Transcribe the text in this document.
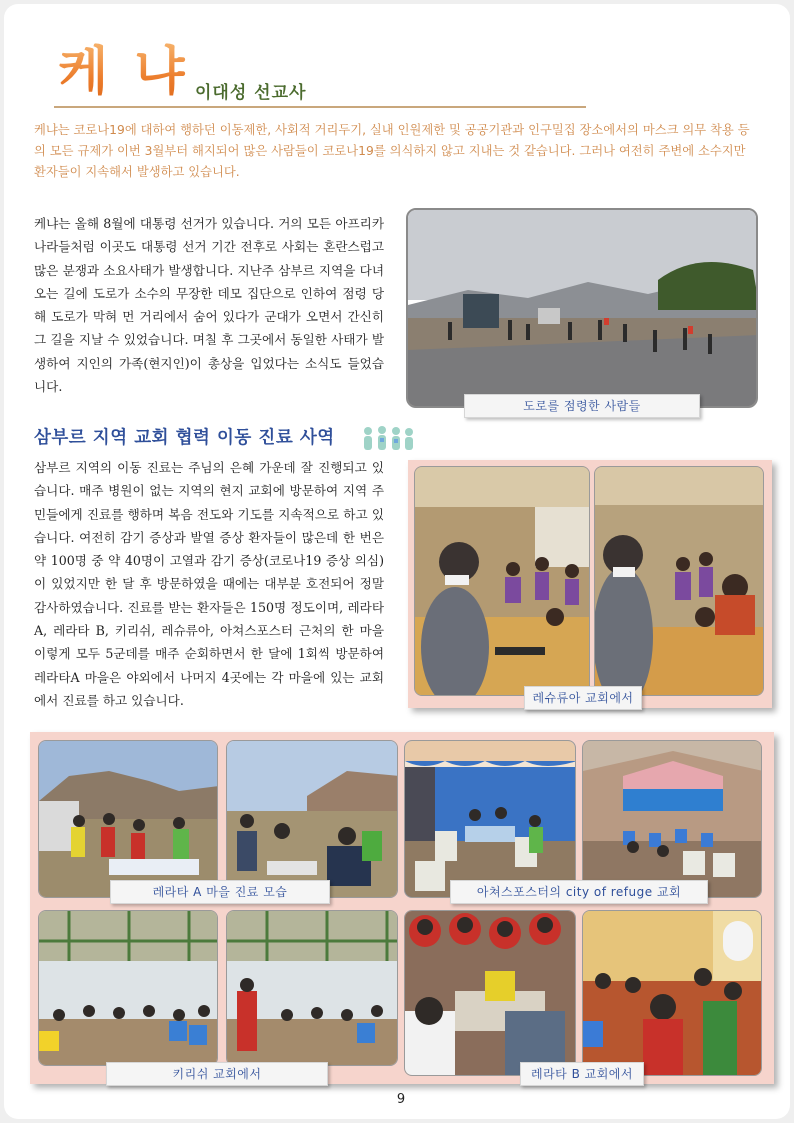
케 냐 이대성 선교사

케냐는 코로나19에 대하여 행하던 이동제한, 사회적 거리두기, 실내 인원제한 및 공공기관과 인구밀집 장소에서의 마스크 의무 착용 등의 모든 규제가 이번 3월부터 해지되어 많은 사람들이 코로나19를 의식하지 않고 지내는 것 같습니다. 그러나 여전히 주변에 소수지만 환자들이 지속해서 발생하고 있습니다.

케냐는 올해 8월에 대통령 선거가 있습니다. 거의 모든 아프리카 나라들처럼 이곳도 대통령 선거 기간 전후로 사회는 혼란스럽고 많은 분쟁과 소요사태가 발생합니다. 지난주 삼부르 지역을 다녀오는 길에 도로가 소수의 무장한 데모 집단으로 인하여 점령 당해 도로가 막혀 먼 거리에서 숨어 있다가 군대가 오면서 간신히 그 길을 지날 수 있었습니다. 며칠 후 그곳에서 동일한 사태가 발생하여 지인의 가족(현지인)이 총상을 입었다는 소식도 들었습니다.

도로를 점령한 사람들
삼부르 지역 교회 협력 이동 진료 사역

삼부르 지역의 이동 진료는 주님의 은혜 가운데 잘 진행되고 있습니다. 매주 병원이 없는 지역의 현지 교회에 방문하여 지역 주민들에게 진료를 행하며 복음 전도와 기도를 지속적으로 하고 있습니다. 여전히 감기 증상과 발열 증상 환자들이 많은데 한 번은 약 100명 중 약 40명이 고열과 감기 증상(코로나19 증상 의심)이 있었지만 한 달 후 방문하였을 때에는 대부분 호전되어 정말 감사하였습니다. 진료를 받는 환자들은 150명 정도이며, 레라타 A, 레라타 B, 키리쉬, 레슈류아, 아쳐스포스터 근처의 한 마을 이렇게 모두 5군데를 매주 순회하면서 한 달에 1회씩 방문하여 레라타A 마을은 야외에서 나머지 4곳에는 각 마을에 있는 교회에서 진료를 하고 있습니다.	레슈류아 교회에서
레라타 A 마을 진료 모습	아쳐스포스터의 city of refuge 교회
키리쉬 교회에서	레라타 B 교회에서
9
